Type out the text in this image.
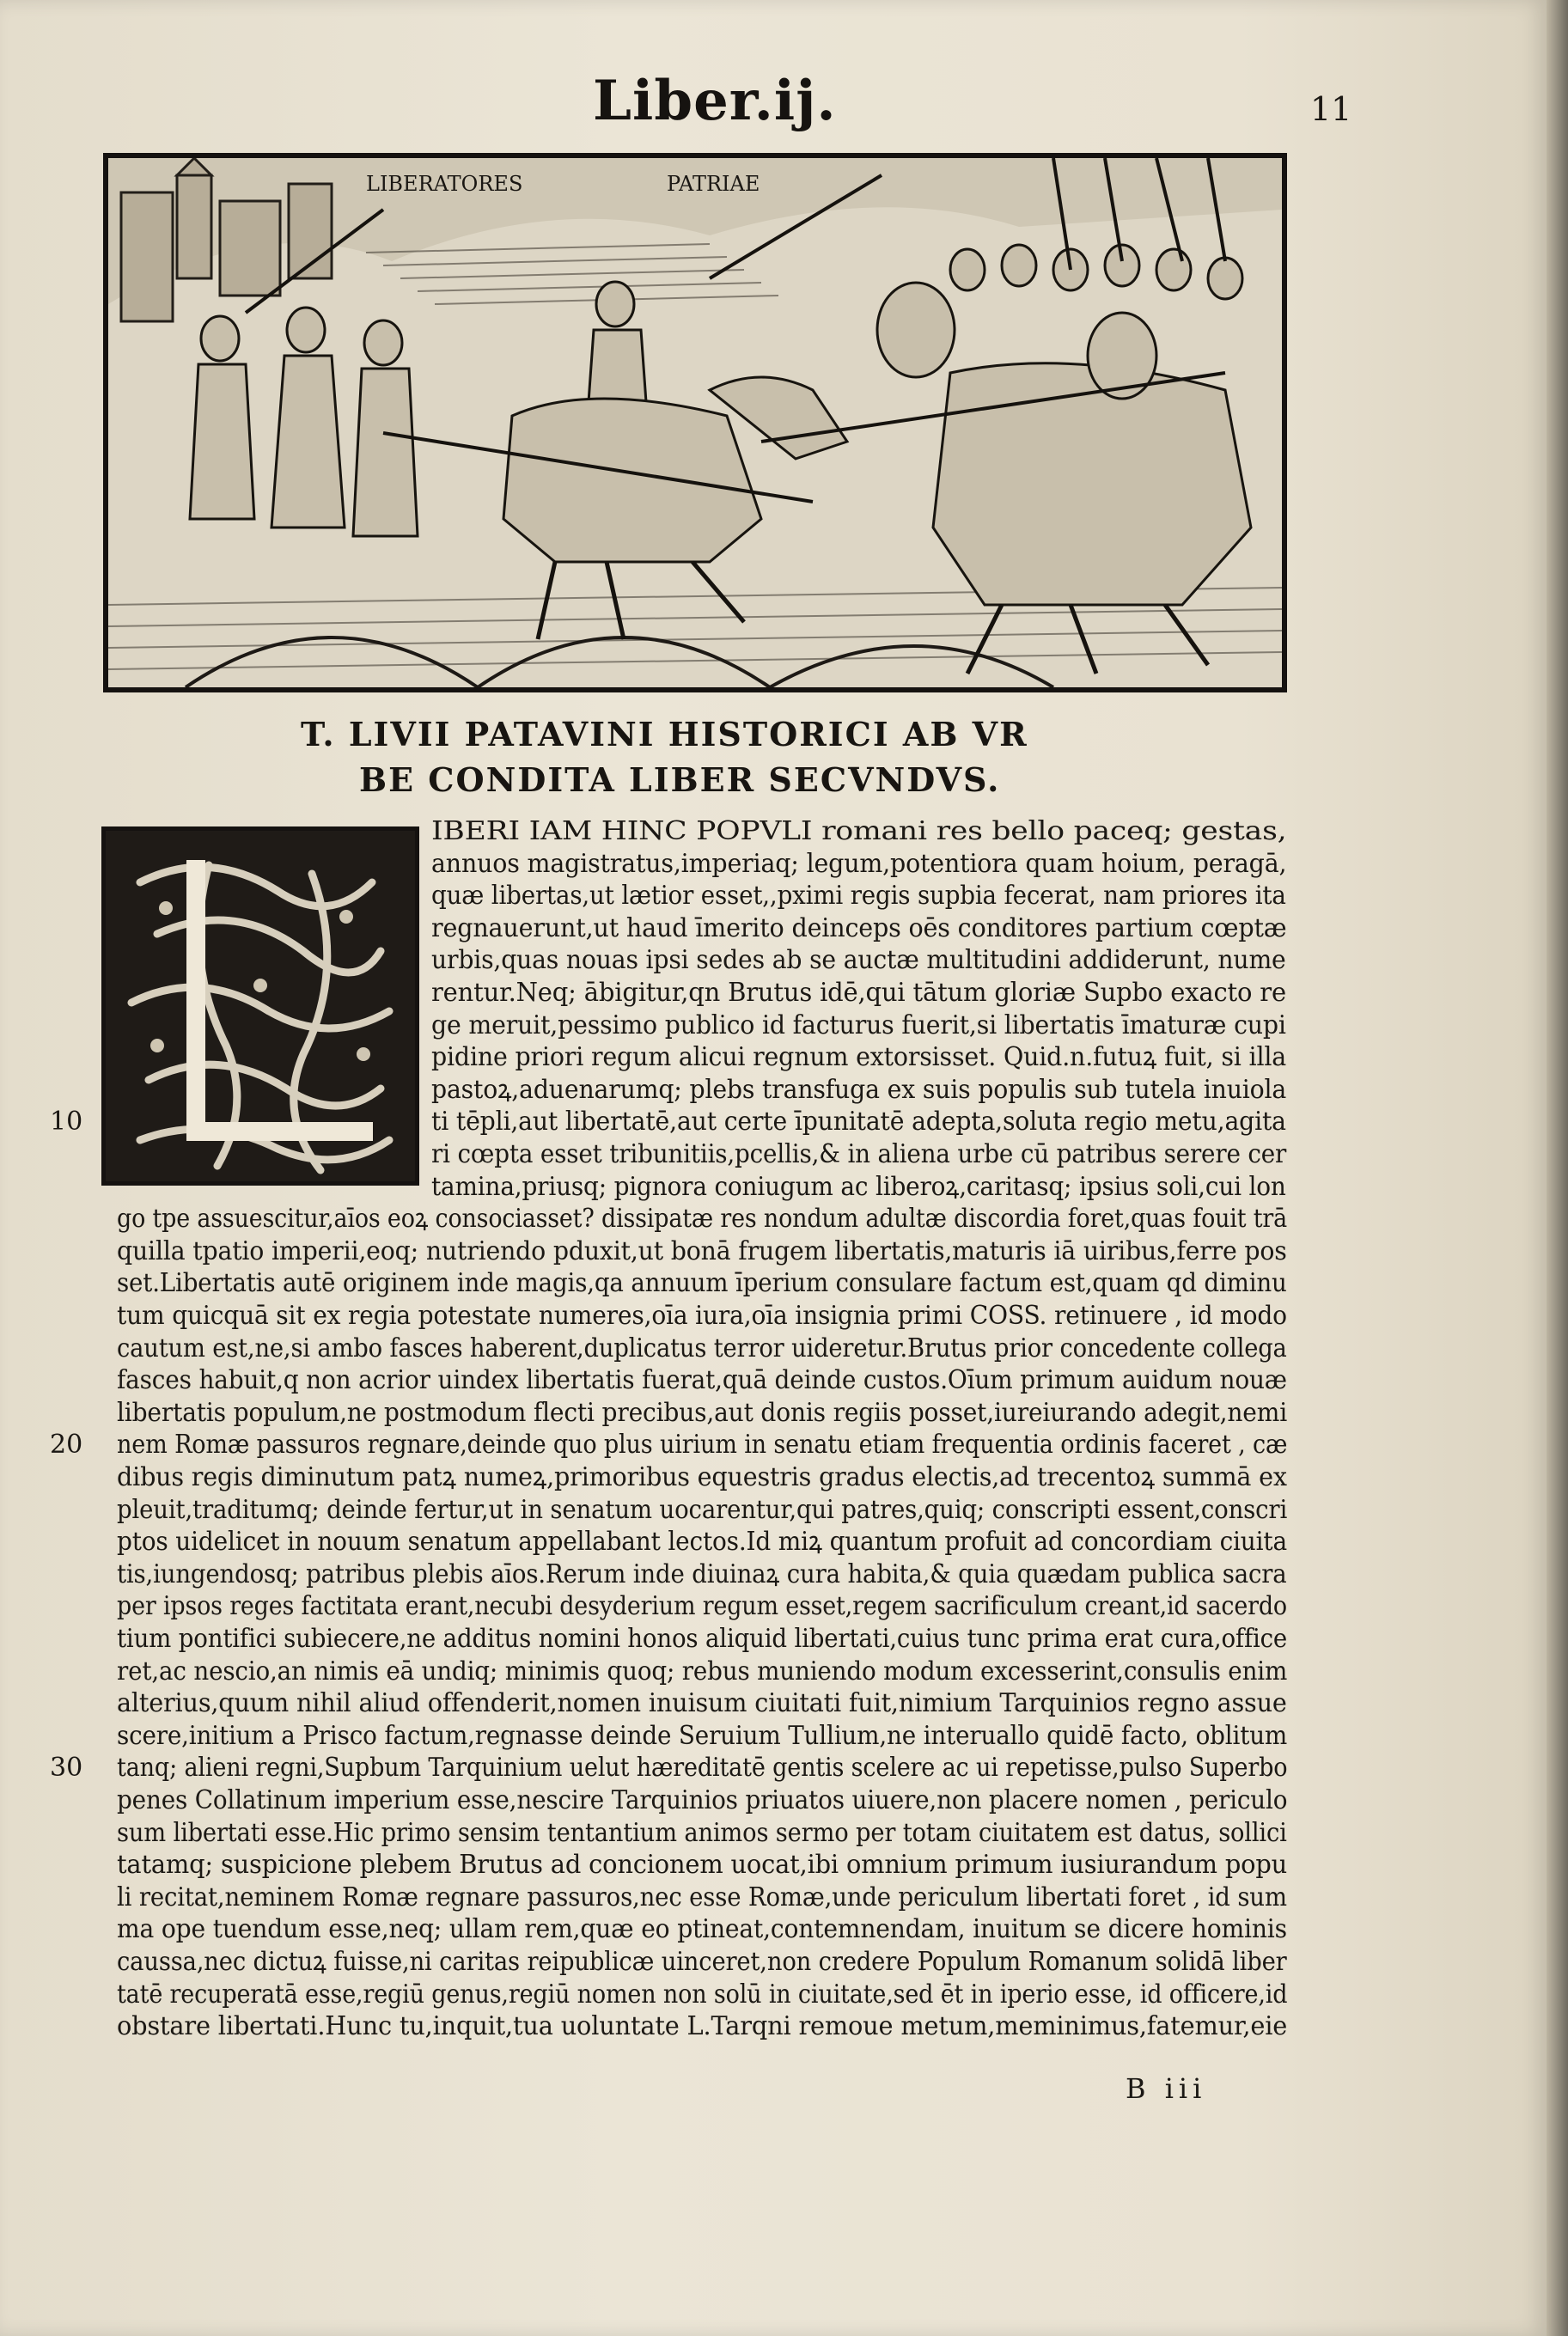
Liber.ij.	11
LIBERATORES	PATRIAE
T. LIVII PATAVINI HISTORICI AB VR
BE CONDITA LIBER SECVNDVS.
IBERI IAM HINC POPVLI romani res bello paceq; gestas,
annuos magistratus,imperiaq; legum,potentiora quam hoium, peragā,
quæ libertas,ut lætior esset,,pximi regis supbia fecerat, nam priores ita
regnauerunt,ut haud īmerito deinceps oēs conditores partium cœptæ
urbis,quas nouas ipsi sedes ab se auctæ multitudini addiderunt, nume
rentur.Neq; ābigitur,qn Brutus idē,qui tātum gloriæ Supbo exacto re
ge meruit,pessimo publico id facturus fuerit,si libertatis īmaturæ cupi
pidine priori regum alicui regnum extorsisset. Quid.n.futuꝝ fuit, si illa
pastoꝝ,aduenarumq; plebs transfuga ex suis populis sub tutela inuiola
ti tēpli,aut libertatē,aut certe īpunitatē adepta,soluta regio metu,agita
ri cœpta esset tribunitiis,pcellis,& in aliena urbe cū patribus serere cer
tamina,priusq; pignora coniugum ac liberoꝝ,caritasq; ipsius soli,cui lon
go tpe assuescitur,aīos eoꝝ consociasset? dissipatæ res nondum adultæ discordia foret,quas fouit trā
quilla tpatio imperii,eoq; nutriendo pduxit,ut bonā frugem libertatis,maturis iā uiribus,ferre pos
set.Libertatis autē originem inde magis,qa annuum īperium consulare factum est,quam qd diminu
tum quicquā sit ex regia potestate numeres,oīa iura,oīa insignia primi COSS. retinuere , id modo
cautum est,ne,si ambo fasces haberent,duplicatus terror uideretur.Brutus prior concedente collega
fasces habuit,q non acrior uindex libertatis fuerat,quā deinde custos.Oīum primum auidum nouæ
libertatis populum,ne postmodum flecti precibus,aut donis regiis posset,iureiurando adegit,nemi
nem Romæ passuros regnare,deinde quo plus uirium in senatu etiam frequentia ordinis faceret , cæ
dibus regis diminutum patꝝ numeꝝ,primoribus equestris gradus electis,ad trecentoꝝ summā ex
pleuit,traditumq; deinde fertur,ut in senatum uocarentur,qui patres,quiq; conscripti essent,conscri
ptos uidelicet in nouum senatum appellabant lectos.Id miꝝ quantum profuit ad concordiam ciuita
tis,iungendosq; patribus plebis aīos.Rerum inde diuinaꝝ cura habita,& quia quædam publica sacra
per ipsos reges factitata erant,necubi desyderium regum esset,regem sacrificulum creant,id sacerdo
tium pontifici subiecere,ne additus nomini honos aliquid libertati,cuius tunc prima erat cura,office
ret,ac nescio,an nimis eā undiq; minimis quoq; rebus muniendo modum excesserint,consulis enim
alterius,quum nihil aliud offenderit,nomen inuisum ciuitati fuit,nimium Tarquinios regno assue
scere,initium a Prisco factum,regnasse deinde Seruium Tullium,ne interuallo quidē facto, oblitum
tanq; alieni regni,Supbum Tarquinium uelut hæreditatē gentis scelere ac ui repetisse,pulso Superbo
penes Collatinum imperium esse,nescire Tarquinios priuatos uiuere,non placere nomen , periculo
sum libertati esse.Hic primo sensim tentantium animos sermo per totam ciuitatem est datus, sollici
tatamq; suspicione plebem Brutus ad concionem uocat,ibi omnium primum iusiurandum popu
li recitat,neminem Romæ regnare passuros,nec esse Romæ,unde periculum libertati foret , id sum
ma ope tuendum esse,neq; ullam rem,quæ eo ptineat,contemnendam, inuitum se dicere hominis
caussa,nec dictuꝝ fuisse,ni caritas reipublicæ uinceret,non credere Populum Romanum solidā liber
tatē recuperatā esse,regiū genus,regiū nomen non solū in ciuitate,sed ēt in iperio esse, id officere,id
obstare libertati.Hunc tu,inquit,tua uoluntate L.Tarqni remoue metum,meminimus,fatemur,eie
10
20
30
B iii
